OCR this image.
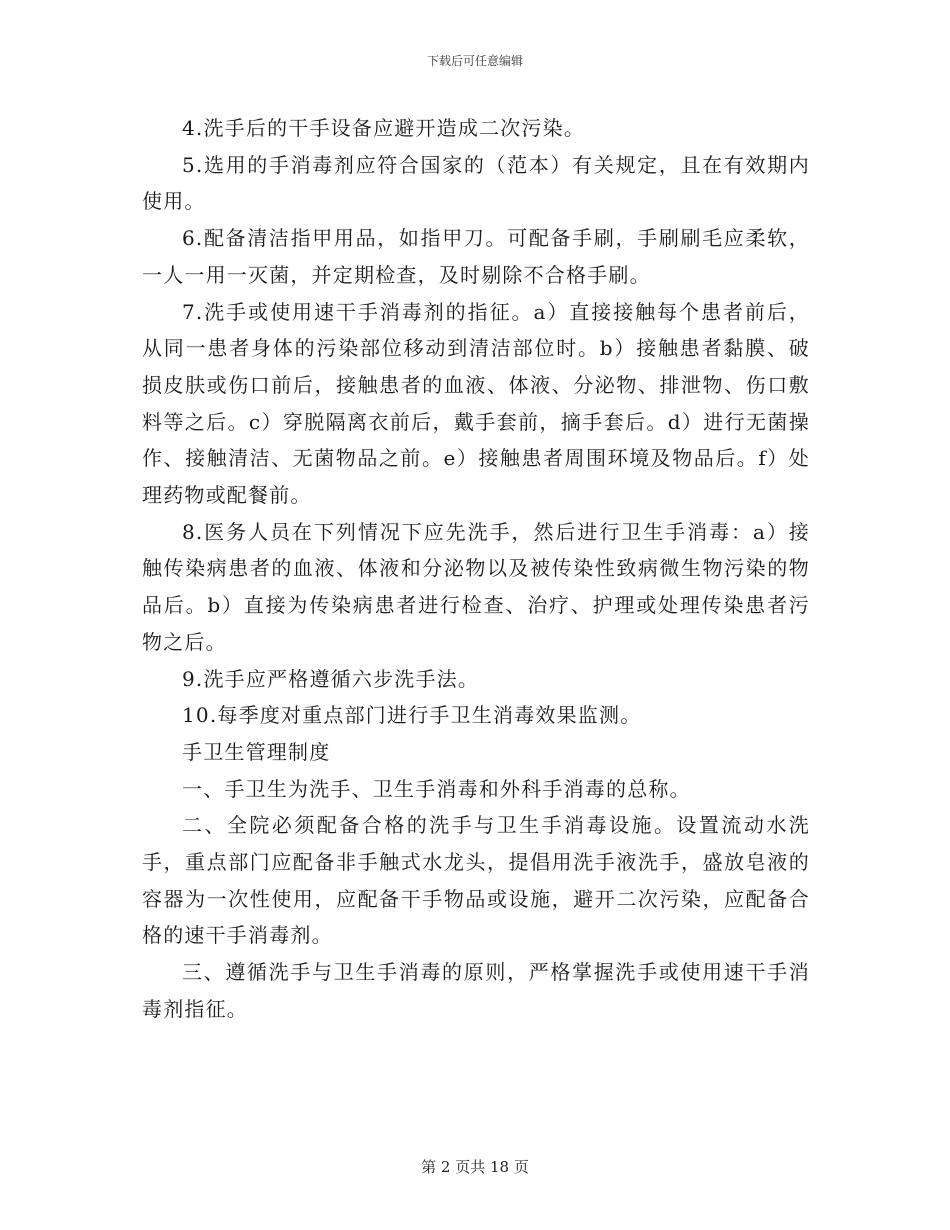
下载后可任意编辑

4.洗手后的干手设备应避开造成二次污染。

5.选用的手消毒剂应符合国家的（范本）有关规定，且在有效期内使用。

6.配备清洁指甲用品，如指甲刀。可配备手刷，手刷刷毛应柔软，一人一用一灭菌，并定期检查，及时剔除不合格手刷。

7.洗手或使用速干手消毒剂的指征。a）直接接触每个患者前后，从同一患者身体的污染部位移动到清洁部位时。b）接触患者黏膜、破损皮肤或伤口前后，接触患者的血液、体液、分泌物、排泄物、伤口敷料等之后。c）穿脱隔离衣前后，戴手套前，摘手套后。d）进行无菌操作、接触清洁、无菌物品之前。e）接触患者周围环境及物品后。f）处理药物或配餐前。

8.医务人员在下列情况下应先洗手，然后进行卫生手消毒：a）接触传染病患者的血液、体液和分泌物以及被传染性致病微生物污染的物品后。b）直接为传染病患者进行检查、治疗、护理或处理传染患者污物之后。

9.洗手应严格遵循六步洗手法。

10.每季度对重点部门进行手卫生消毒效果监测。

手卫生管理制度

一、手卫生为洗手、卫生手消毒和外科手消毒的总称。

二、全院必须配备合格的洗手与卫生手消毒设施。设置流动水洗手，重点部门应配备非手触式水龙头，提倡用洗手液洗手，盛放皂液的容器为一次性使用，应配备干手物品或设施，避开二次污染，应配备合格的速干手消毒剂。

三、遵循洗手与卫生手消毒的原则，严格掌握洗手或使用速干手消毒剂指征。

第 2 页共 18 页
